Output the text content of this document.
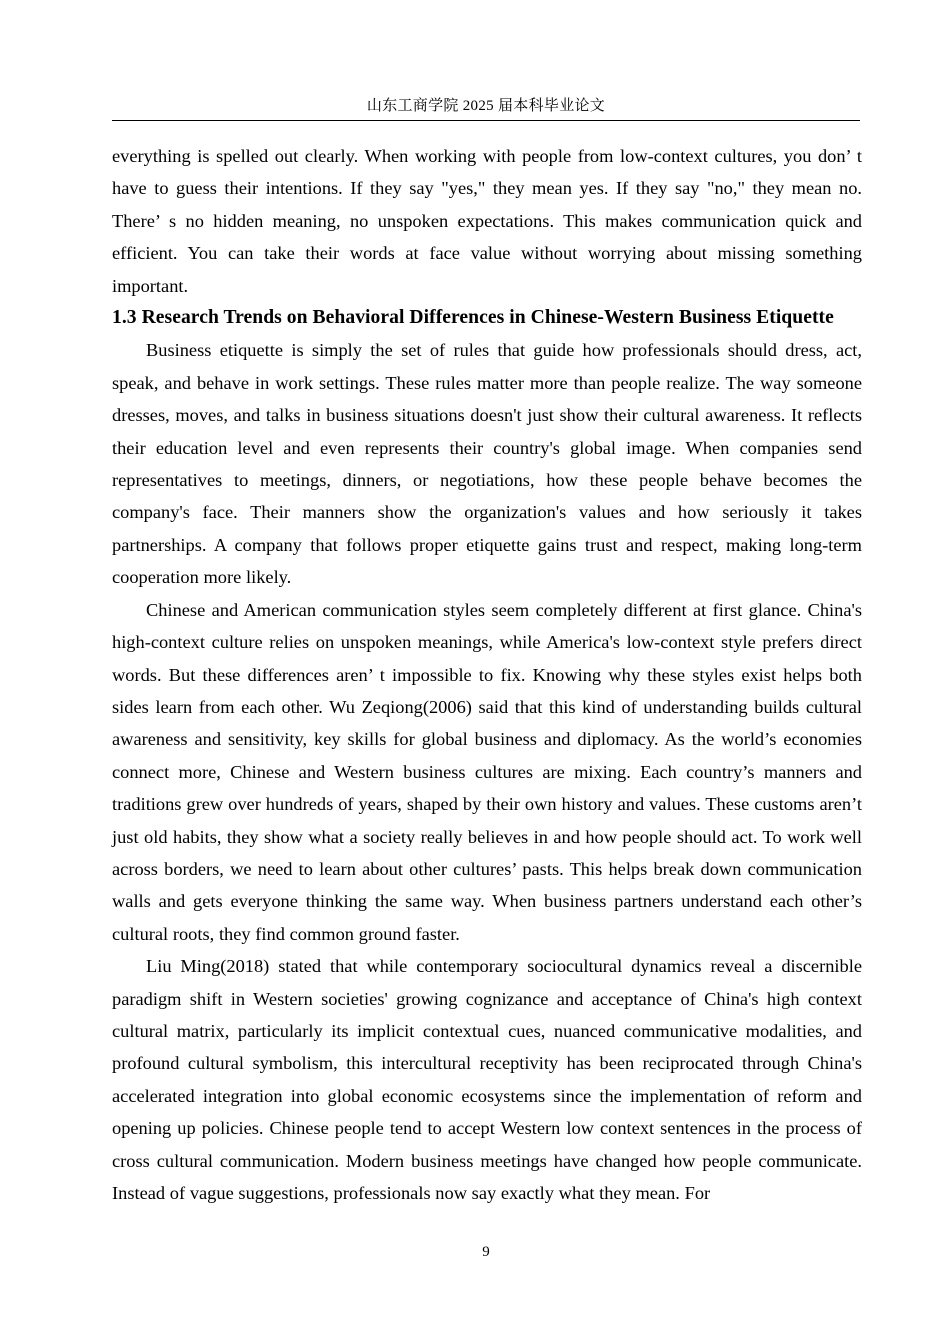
山东工商学院 2025 届本科毕业论文

everything is spelled out clearly. When working with people from low-context cultures, you don’ t have to guess their intentions. If they say "yes," they mean yes. If they say "no," they mean no. There’ s no hidden meaning, no unspoken expectations. This makes communication quick and efficient. You can take their words at face value without worrying about missing something important.

1.3 Research Trends on Behavioral Differences in Chinese-Western Business Etiquette

Business etiquette is simply the set of rules that guide how professionals should dress, act, speak, and behave in work settings. These rules matter more than people realize. The way someone dresses, moves, and talks in business situations doesn't just show their cultural awareness. It reflects their education level and even represents their country's global image. When companies send representatives to meetings, dinners, or negotiations, how these people behave becomes the company's face. Their manners show the organization's values and how seriously it takes partnerships. A company that follows proper etiquette gains trust and respect, making long-term cooperation more likely.

Chinese and American communication styles seem completely different at first glance. China's high-context culture relies on unspoken meanings, while America's low-context style prefers direct words. But these differences aren’ t impossible to fix. Knowing why these styles exist helps both sides learn from each other. Wu Zeqiong(2006) said that this kind of understanding builds cultural awareness and sensitivity, key skills for global business and diplomacy. As the world’s economies connect more, Chinese and Western business cultures are mixing. Each country’s manners and traditions grew over hundreds of years, shaped by their own history and values. These customs aren’t just old habits, they show what a society really believes in and how people should act. To work well across borders, we need to learn about other cultures’ pasts. This helps break down communication walls and gets everyone thinking the same way. When business partners understand each other’s cultural roots, they find common ground faster.

Liu Ming(2018) stated that while contemporary sociocultural dynamics reveal a discernible paradigm shift in Western societies' growing cognizance and acceptance of China's high context cultural matrix, particularly its implicit contextual cues, nuanced communicative modalities, and profound cultural symbolism, this intercultural receptivity has been reciprocated through China's accelerated integration into global economic ecosystems since the implementation of reform and opening up policies. Chinese people tend to accept Western low context sentences in the process of cross cultural communication. Modern business meetings have changed how people communicate. Instead of vague suggestions, professionals now say exactly what they mean. For

9
